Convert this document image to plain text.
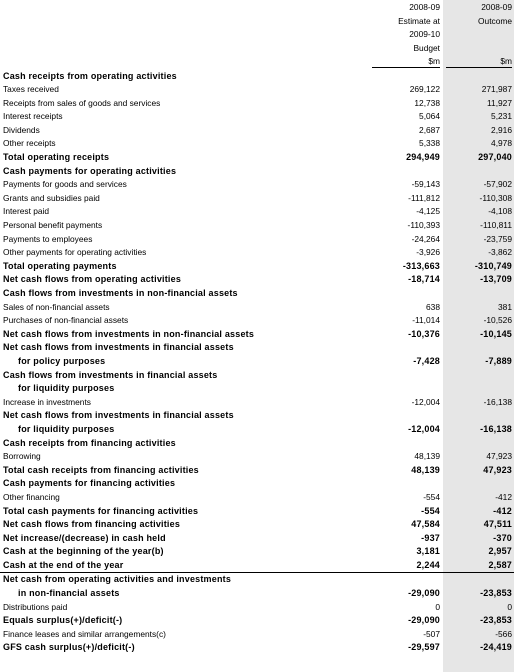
2008-09	2008-09
Estimate at	Outcome
2009-10
Budget
$m	$m
Cash receipts from operating activities
Taxes received	269,122	271,987
Receipts from sales of goods and services	12,738	11,927
Interest receipts	5,064	5,231
Dividends	2,687	2,916
Other receipts	5,338	4,978
Total operating receipts	294,949	297,040
Cash payments for operating activities
Payments for goods and services	-59,143	-57,902
Grants and subsidies paid	-111,812	-110,308
Interest paid	-4,125	-4,108
Personal benefit payments	-110,393	-110,811
Payments to employees	-24,264	-23,759
Other payments for operating activities	-3,926	-3,862
Total operating payments	-313,663	-310,749
Net cash flows from operating activities	-18,714	-13,709
Cash flows from investments in non-financial assets
Sales of non-financial assets	638	381
Purchases of non-financial assets	-11,014	-10,526
Net cash flows from investments in non-financial assets	-10,376	-10,145
Net cash flows from investments in financial assets
for policy purposes	-7,428	-7,889
Cash flows from investments in financial assets
for liquidity purposes
Increase in investments	-12,004	-16,138
Net cash flows from investments in financial assets
for liquidity purposes	-12,004	-16,138
Cash receipts from financing activities
Borrowing	48,139	47,923
Total cash receipts from financing activities	48,139	47,923
Cash payments for financing activities
Other financing	-554	-412
Total cash payments for financing activities	-554	-412
Net cash flows from financing activities	47,584	47,511
Net increase/(decrease) in cash held	-937	-370
Cash at the beginning of the year(b)	3,181	2,957
Cash at the end of the year	2,244	2,587
Net cash from operating activities and investments
in non-financial assets	-29,090	-23,853
Distributions paid	0	0
Equals surplus(+)/deficit(-)	-29,090	-23,853
Finance leases and similar arrangements(c)	-507	-566
GFS cash surplus(+)/deficit(-)	-29,597	-24,419
